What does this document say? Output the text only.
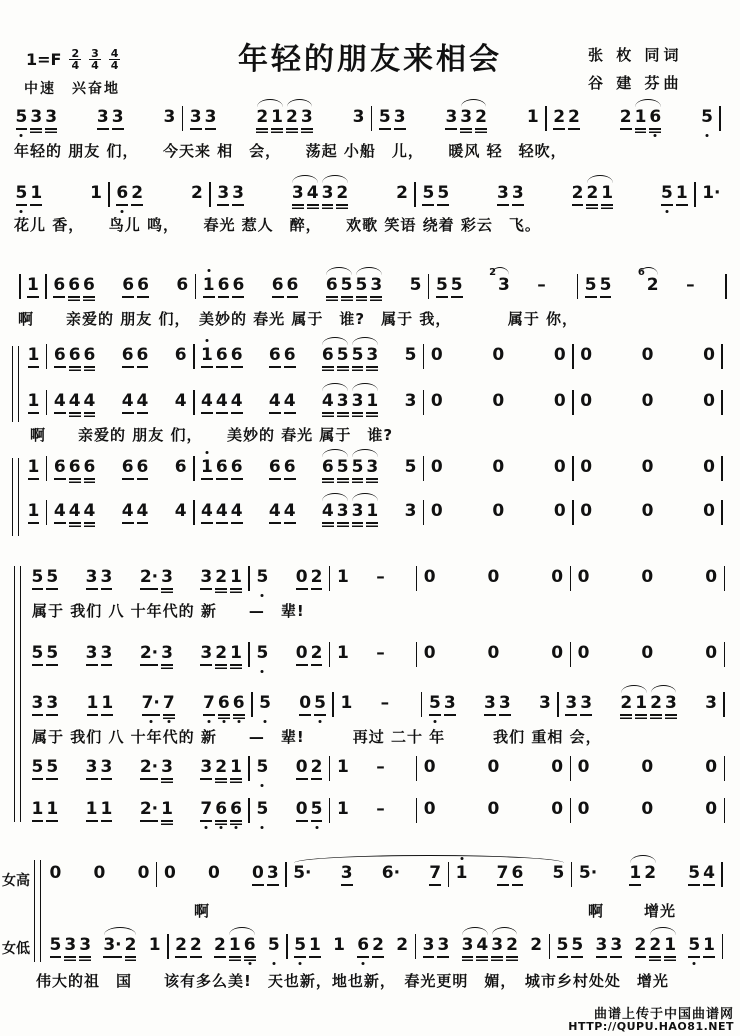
年轻的朋友来相会
$1=F \frac{2}{4} \frac{3}{4} \frac{4}{4}$
中速　兴奋地
张 枚 同词
谷 建 芬曲
5 3 3 3 3 3 3 3 2 1 2 3 3 5 3 3 3 2 1 2 2 2 1 6 5
年轻的 朋友 们，　　今天来 相　会，　　荡起 小船　儿，　　暖风 轻　轻吹，
5 1	1 6 2	2 3 3	3 4 3 2	2 5 5	3 3	2 2 1	5 1 1·
花儿 香，　　鸟儿 鸣，　　春光 惹人　醉，　　欢歌 笑语 绕着 彩云　飞。
1 6 6 6 6 6 6 1 6 6 6 6 6 5 5 3 5 5 5
2
3 – 5 5
6
2 –
啊　　亲爱的 朋友 们，　美妙的 春光 属于　谁?　属于 我，　　　　属于 你，
1 6 6 6 6 6 6 1 6 6 6 6 6 5 5 3 5 0	0	0 0	0	0
1 4 4 4 4 4 4 4 4 4 4 4 4 3 3 1 3 0	0	0 0	0	0
啊　　亲爱的 朋友 们，　　美妙的 春光 属于　谁?
1 6 6 6 6 6 6 1 6 6 6 6 6 5 5 3 5 0	0	0 0	0	0
1 4 4 4 4 4 4 4 4 4 4 4 4 3 3 1 3 0	0	0 0	0	0
5 5 3 3 2· 3 3 2 1 5 0 2 1 – 0	0	0 0	0	0
属于 我们 八 十年代的 新　　—　辈!
5 5 3 3 2· 3 3 2 1 5 0 2 1 – 0	0	0 0	0	0
3 3 1 1 7· 7 7 6 6 5 0 5 1 – 5 3 3 3 3 3 3 2 1 2 3 3
属于 我们 八 十年代的 新　　—　辈!　　　再过 二十 年　　　我们 重相 会，
5 5 3 3 2· 3 3 2 1 5 0 2 1 – 0	0	0 0	0	0
1 1 1 1 2· 1 7 6 6 5 0 5 1 – 0	0	0 0	0	0
女高
女低
0 0 0 0 0 0 3 5· 3 6· 7 1 7 6 5 5· 1 2 5 4
啊	啊	增光
5 3 3 3· 2 1 2 2 2 1 6 5 5 1 1 6 2 2 3 3 3 4 3 2 2 5 5 3 3 2 2 1 5 1
伟大的祖　国　　该有多么美!　天也新，地也新，　春光更明　媚，　城市乡村处处　增光
曲谱上传于中国曲谱网
HTTP://QUPU.HAO81.NET
